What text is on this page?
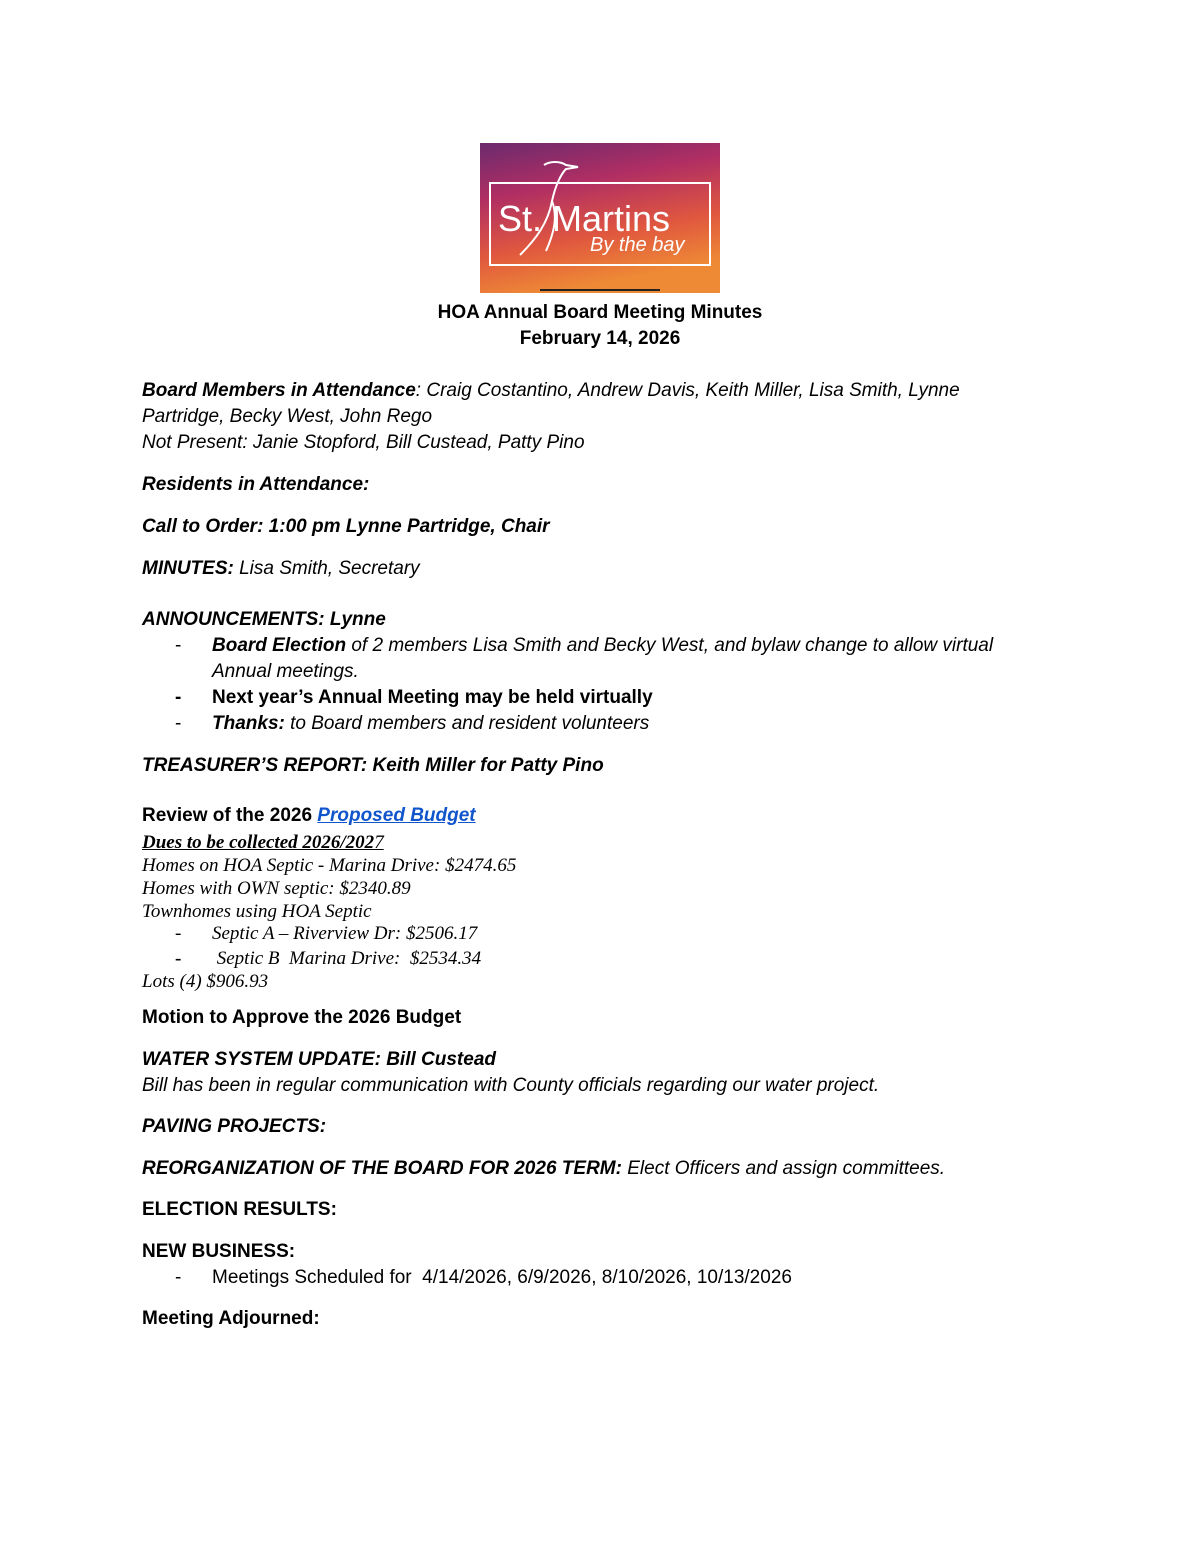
St. Martins
By the bay
HOA Annual Board Meeting Minutes
February 14, 2026
Board Members in Attendance: Craig Costantino, Andrew Davis, Keith Miller, Lisa Smith, Lynne
Partridge, Becky West, John Rego
Not Present: Janie Stopford, Bill Custead, Patty Pino
Residents in Attendance:
Call to Order: 1:00 pm Lynne Partridge, Chair
MINUTES: Lisa Smith, Secretary
ANNOUNCEMENTS: Lynne
- Board Election of 2 members Lisa Smith and Becky West, and bylaw change to allow virtual
Annual meetings.
- Next year’s Annual Meeting may be held virtually
- Thanks: to Board members and resident volunteers
TREASURER’S REPORT: Keith Miller for Patty Pino
Review of the 2026 Proposed Budget
Dues to be collected 2026/2027
Homes on HOA Septic - Marina Drive: $2474.65
Homes with OWN septic: $2340.89
Townhomes using HOA Septic
- Septic A – Riverview Dr: $2506.17
- Septic B  Marina Drive:  $2534.34
Lots (4) $906.93
Motion to Approve the 2026 Budget
WATER SYSTEM UPDATE: Bill Custead
Bill has been in regular communication with County officials regarding our water project.
PAVING PROJECTS:
REORGANIZATION OF THE BOARD FOR 2026 TERM: Elect Officers and assign committees.
ELECTION RESULTS:
NEW BUSINESS:
- Meetings Scheduled for  4/14/2026, 6/9/2026, 8/10/2026, 10/13/2026
Meeting Adjourned:
